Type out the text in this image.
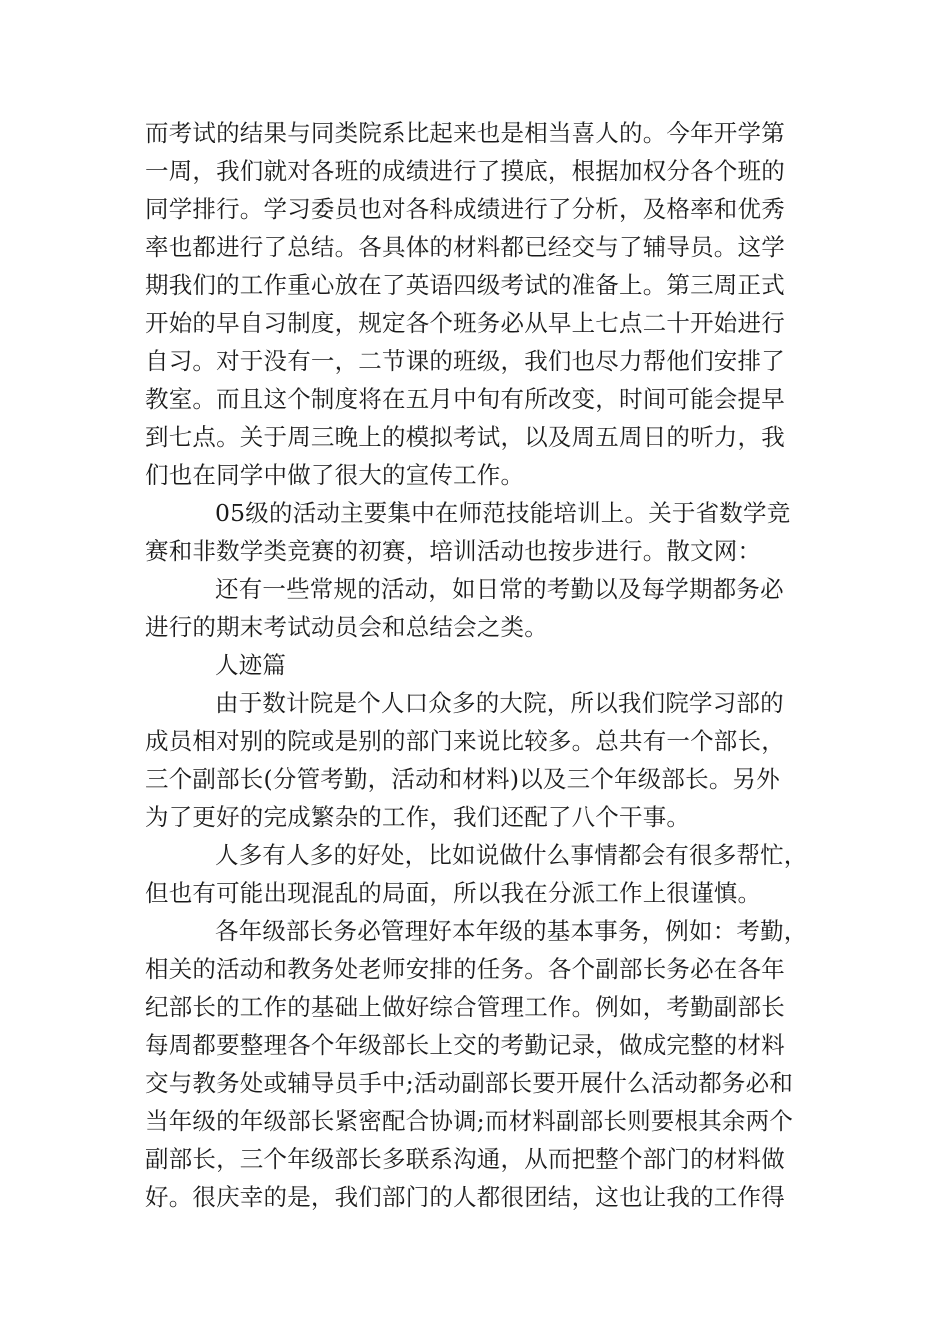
而考试的结果与同类院系比起来也是相当喜人的。今年开学第
一周，我们就对各班的成绩进行了摸底，根据加权分各个班的
同学排行。学习委员也对各科成绩进行了分析，及格率和优秀
率也都进行了总结。各具体的材料都已经交与了辅导员。这学
期我们的工作重心放在了英语四级考试的准备上。第三周正式
开始的早自习制度，规定各个班务必从早上七点二十开始进行
自习。对于没有一，二节课的班级，我们也尽力帮他们安排了
教室。而且这个制度将在五月中旬有所改变，时间可能会提早
到七点。关于周三晚上的模拟考试，以及周五周日的听力，我
们也在同学中做了很大的宣传工作。
05级的活动主要集中在师范技能培训上。关于省数学竞
赛和非数学类竞赛的初赛，培训活动也按步进行。散文网：
还有一些常规的活动，如日常的考勤以及每学期都务必
进行的期末考试动员会和总结会之类。
人迹篇
由于数计院是个人口众多的大院，所以我们院学习部的
成员相对别的院或是别的部门来说比较多。总共有一个部长，
三个副部长(分管考勤，活动和材料)以及三个年级部长。另外
为了更好的完成繁杂的工作，我们还配了八个干事。
人多有人多的好处，比如说做什么事情都会有很多帮忙，
但也有可能出现混乱的局面，所以我在分派工作上很谨慎。
各年级部长务必管理好本年级的基本事务，例如：考勤，
相关的活动和教务处老师安排的任务。各个副部长务必在各年
纪部长的工作的基础上做好综合管理工作。例如，考勤副部长
每周都要整理各个年级部长上交的考勤记录，做成完整的材料
交与教务处或辅导员手中;活动副部长要开展什么活动都务必和
当年级的年级部长紧密配合协调;而材料副部长则要根其余两个
副部长，三个年级部长多联系沟通，从而把整个部门的材料做
好。很庆幸的是，我们部门的人都很团结，这也让我的工作得
